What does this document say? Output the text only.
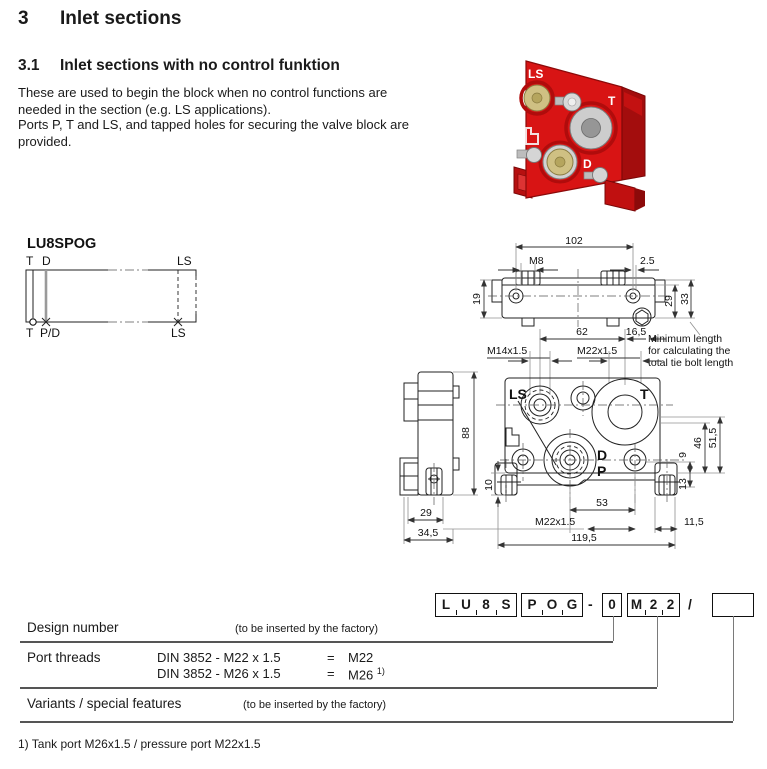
3 Inlet sections
3.1 Inlet sections with no control funktion
These are used to begin the block when no control functions are needed in the section (e.g. LS applications).
Ports P, T and LS, and tapped holes for securing the valve block are provided.
LS
T
D
LU8SPOG
T D	LS
T P/D	LS
102
M8	2.5
19	29 33
Minimum length
for calculating the
total tie bolt length
62	16,5
M14x1.5	M22x1.5
LS	T
D
P
9
46 51,5
13
53
M22x1.5	11,5
119,5
10
88
29
34,5
L U 8 S	P O G -	0	M 2 2 /
Design number	(to be inserted by the factory)
Port threads	DIN 3852 - M22 x 1.5	= M22
DIN 3852 - M26 x 1.5	= M26 $^{1)}$
Variants / special features	(to be inserted by the factory)
1) Tank port M26x1.5 / pressure port M22x1.5
